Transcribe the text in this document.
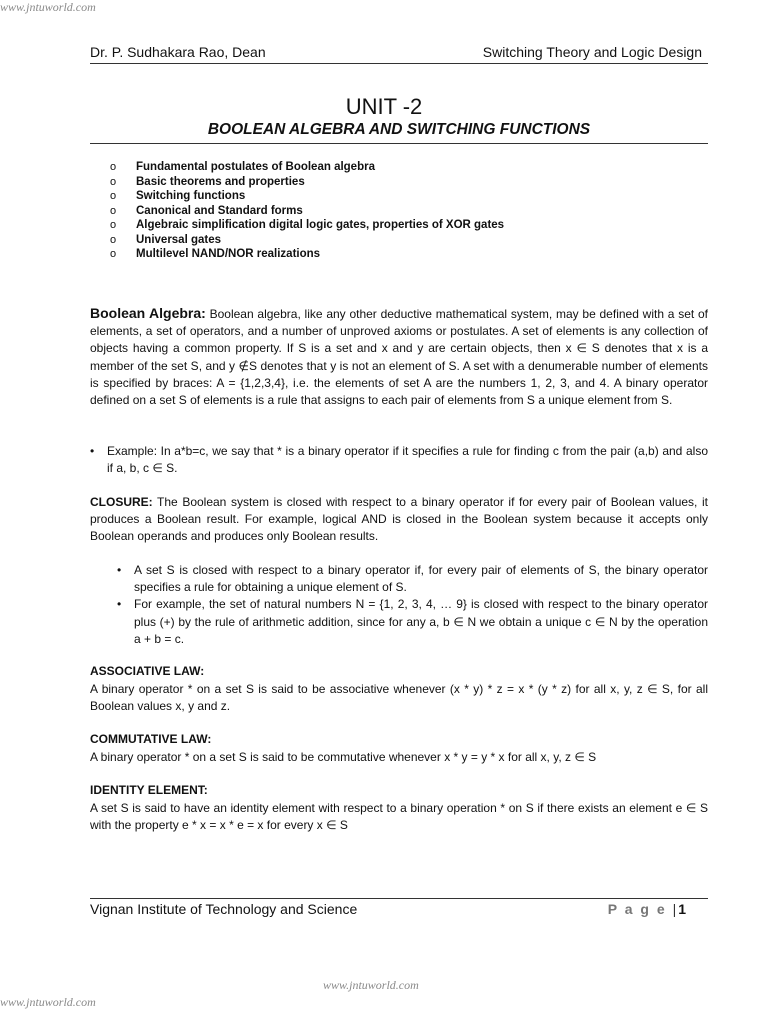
www.jntuworld.com
Dr. P. Sudhakara Rao, Dean	Switching Theory and Logic Design
UNIT -2
BOOLEAN ALGEBRA AND SWITCHING FUNCTIONS
o Fundamental postulates of Boolean algebra
o Basic theorems and properties
o Switching functions
o Canonical and Standard forms
o Algebraic simplification digital logic gates, properties of XOR gates
o Universal gates
o Multilevel NAND/NOR realizations
Boolean Algebra: Boolean algebra, like any other deductive mathematical system, may be defined with a set of elements, a set of operators, and a number of unproved axioms or postulates. A set of elements is any collection of objects having a common property. If S is a set and x and y are certain objects, then x ∈ S denotes that x is a member of the set S, and y ∉S denotes that y is not an element of S. A set with a denumerable number of elements is specified by braces: A = {1,2,3,4}, i.e. the elements of set A are the numbers 1, 2, 3, and 4. A binary operator defined on a set S of elements is a rule that assigns to each pair of elements from S a unique element from S.
• Example: In a*b=c, we say that * is a binary operator if it specifies a rule for finding c from the pair (a,b) and also if a, b, c ∈ S.
CLOSURE: The Boolean system is closed with respect to a binary operator if for every pair of Boolean values, it produces a Boolean result. For example, logical AND is closed in the Boolean system because it accepts only Boolean operands and produces only Boolean results.
• A set S is closed with respect to a binary operator if, for every pair of elements of S, the binary operator specifies a rule for obtaining a unique element of S.
• For example, the set of natural numbers N = {1, 2, 3, 4, … 9} is closed with respect to the binary operator plus (+) by the rule of arithmetic addition, since for any a, b ∈ N we obtain a unique c ∈ N by the operation a + b = c.
ASSOCIATIVE LAW:
A binary operator * on a set S is said to be associative whenever (x * y) * z = x * (y * z) for all x, y, z ∈ S, for all Boolean values x, y and z.
COMMUTATIVE LAW:
A binary operator * on a set S is said to be commutative whenever x * y = y * x for all x, y, z ∈ S
IDENTITY ELEMENT:
A set S is said to have an identity element with respect to a binary operation * on S if there exists an element e ∈ S with the property e * x = x * e = x for every x ∈ S
Vignan Institute of Technology and Science	P a g e | 1
www.jntuworld.com
www.jntuworld.com
